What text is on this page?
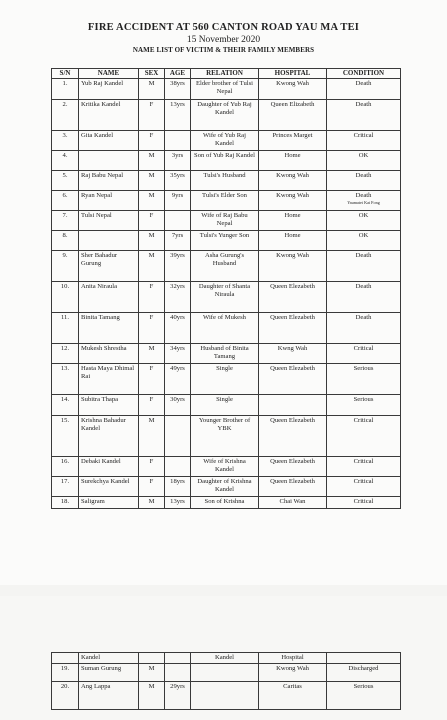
FIRE ACCIDENT AT 560 CANTON ROAD YAU MA TEI
15 November 2020
NAME LIST OF VICTIM & THEIR FAMILY MEMBERS
S/N	NAME	SEX	AGE	RELATION	HOSPITAL	CONDITION
1.	Yub Raj Kandel	M	38yrs	Elder brother of Tulsi Nepal	Kwong Wah	Death
2.	Kritika Kandel	F	13yrs	Daughter of Yub Raj Kandel	Queen Elizabeth	Death
3.	Gita Kandel	F		Wife of Yub Raj Kandel	Princes Marget	Critical
4.		M	3yrs	Son of Yub Raj Kandel	Home	OK
5.	Raj Babu Nepal	M	35yrs	Tulsi's Husband	Kwong Wah	Death
6.	Ryan Nepal	M	9yrs	Tulsi's Elder Son	Kwong Wah	Death
Yaumatei Kai Fong

7.	Tulsi Nepal	F		Wife of Raj Babu Nepal	Home	OK
8.		M	7yrs	Tulsi's Yunger Son	Home	OK
9.	Sher Bahadur Gurung	M	39yrs	Asha Gurung's Husband	Kwong Wah	Death
10.	Anita Niraula	F	32yrs	Daughter of Shanta Niraula	Queen Elezabeth	Death
11.	Binita Tamang	F	40yrs	Wife of Mukesh	Queen Elezabeth	Death
12.	Mukesh Shrestha	M	34yrs	Husband of Binita Tamang	Kwng Wah	Critical
13.	Hasta Maya Dhimal Rai	F	49yrs	Single	Queen Elezabeth	Serious
14.	Subitra Thapa	F	30yrs	Single		Serious
15.	Krishna Bahadur Kandel	M		Younger Brother of YBK	Queen Elezabeth	Critical
16.	Debaki Kandel	F		Wife of Krishna Kandel	Queen Elezabeth	Critical
17.	Surekchya Kandel	F	18yrs	Daughter of Krishna Kandel	Queen Elezabeth	Critical
18.	Saligram	M	13yrs	Son of Krishna	Chai Wan	Critical
	Kandel			Kandel	Hospital	
19.	Suman Gurung	M			Kwong Wah	Discharged
20.	Ang Lappa	M	29yrs		Caritas	Serious
